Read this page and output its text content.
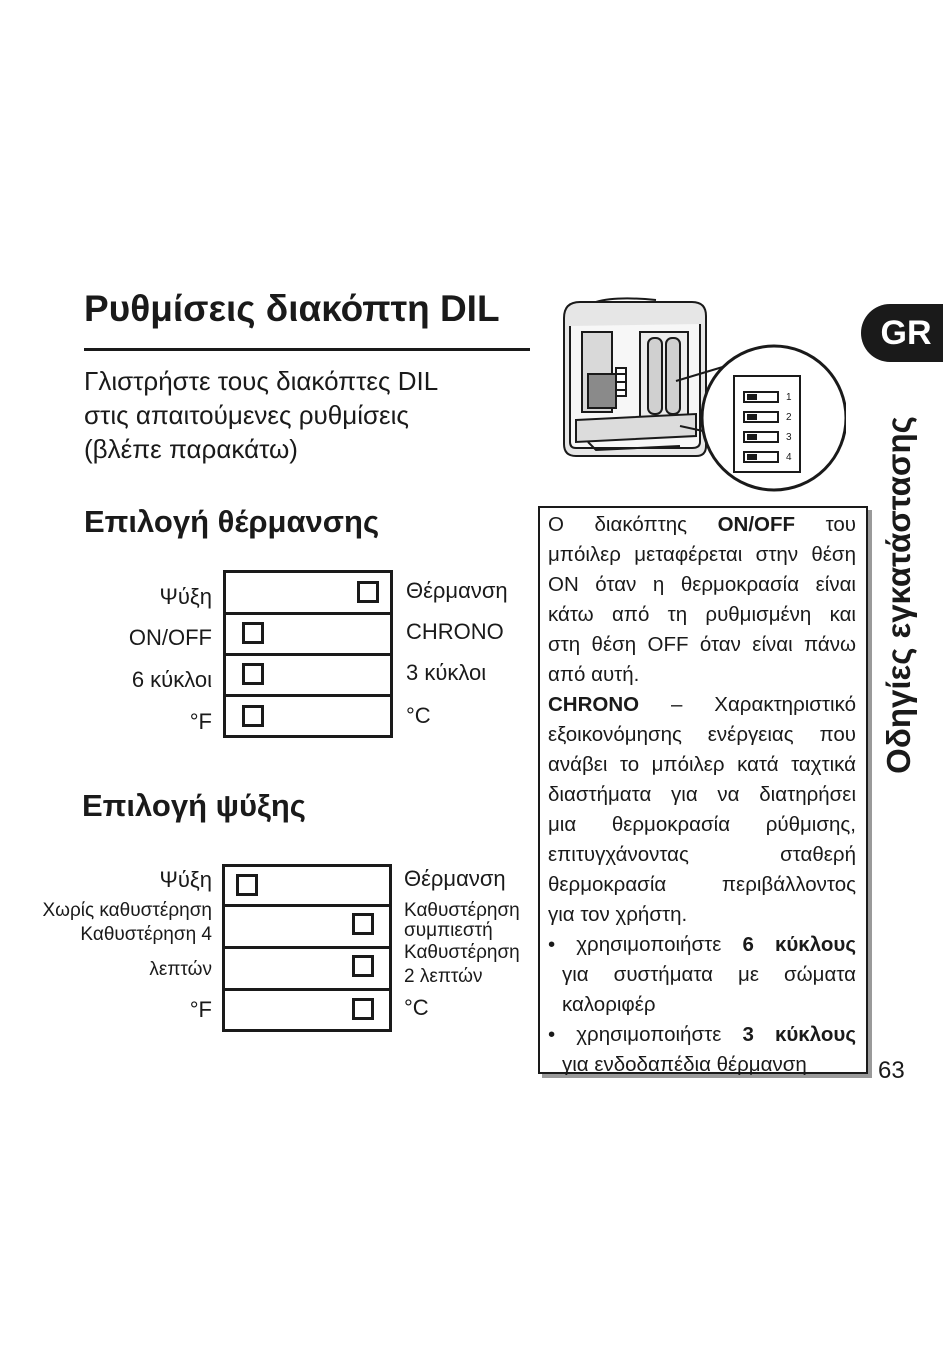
Ρυθμίσεις διακόπτη DIL
Γλιστρήστε τους διακόπτες DIL
στις απαιτούμενες ρυθμίσεις
(βλέπε παρακάτω)
Επιλογή θέρμανσης
Ψύξη
ON/OFF
6 κύκλοι
°F
Θέρμανση
CHRONO
3 κύκλοι
°C
Επιλογή ψύξης
Ψύξη
Χωρίς καθυστέρηση
Καθυστέρηση 4
λεπτών
°F
Θέρμανση
Καθυστέρηση
συμπιεστή
Καθυστέρηση
2 λεπτών
°C
1
2
3
4
Ο διακόπτης ON/OFF του
μπόιλερ μεταφέρεται στην θέση
ON όταν η θερμοκρασία είναι
κάτω από τη ρυθμισμένη και
στη θέση OFF όταν είναι πάνω
από αυτή.
CHRONO – Χαρακτηριστικό
εξοικονόμησης ενέργειας που
ανάβει το μπόιλερ κατά ταχτικά
διαστήματα για να διατηρήσει
μια θερμοκρασία ρύθμισης,
επιτυγχάνοντας σταθερή
θερμοκρασία περιβάλλοντος
για τον χρήστη.
• χρησιμοποιήστε 6 κύκλους
για συστήματα με σώματα
καλοριφέρ
• χρησιμοποιήστε 3 κύκλους
για ενδοδαπέδια θέρμανση
GR
Οδηγίες εγκατάστασης
63
